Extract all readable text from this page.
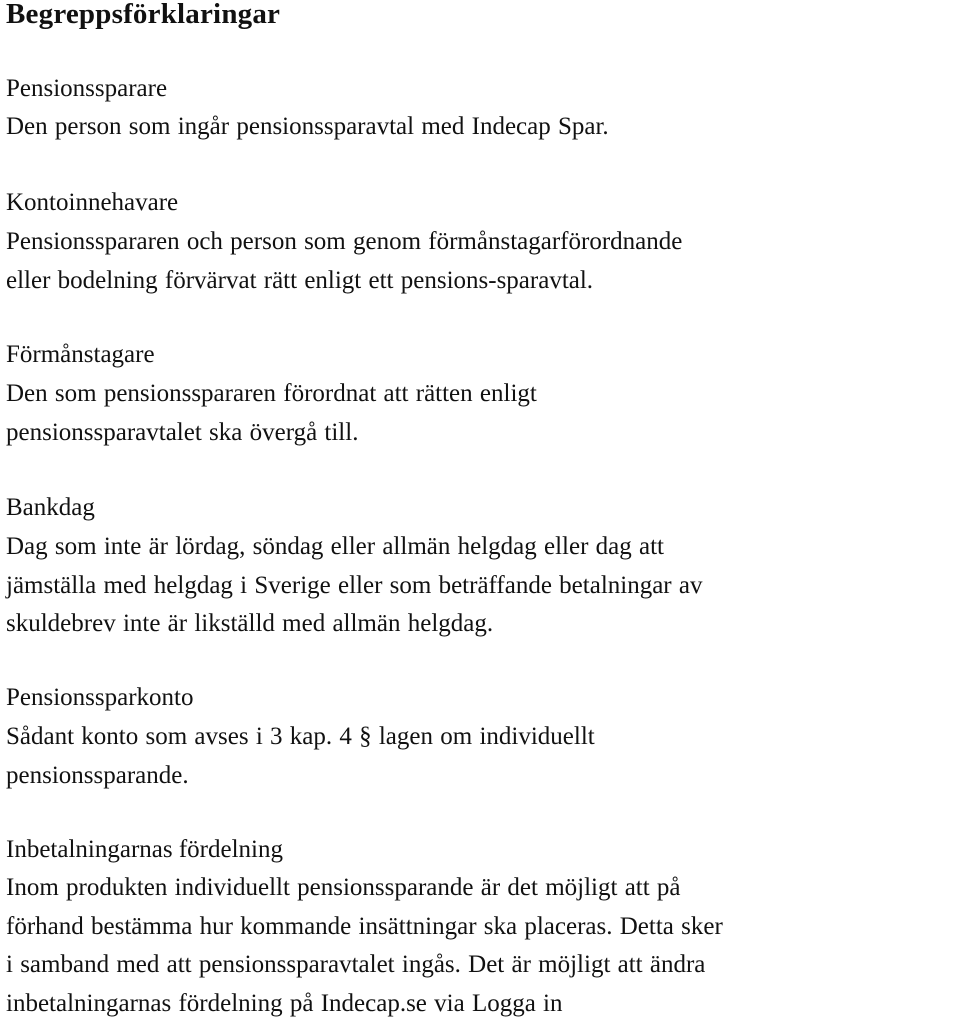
Begreppsförklaringar
Pensionssparare

Den person som ingår pensionssparavtal med Indecap Spar.

Kontoinnehavare

Pensionsspararen och person som genom förmånstagarförordnande
eller bodelning förvärvat rätt enligt ett pensions-sparavtal.

Förmånstagare

Den som pensionsspararen förordnat att rätten enligt
pensionssparavtalet ska övergå till.

Bankdag

Dag som inte är lördag, söndag eller allmän helgdag eller dag att
jämställa med helgdag i Sverige eller som beträffande betalningar av
skuldebrev inte är likställd med allmän helgdag.

Pensionssparkonto

Sådant konto som avses i 3 kap. 4 § lagen om individuellt
pensionssparande.

Inbetalningarnas fördelning

Inom produkten individuellt pensionssparande är det möjligt att på
förhand bestämma hur kommande insättningar ska placeras. Detta sker
i samband med att pensionssparavtalet ingås. Det är möjligt att ändra
inbetalningarnas fördelning på Indecap.se via Logga in
